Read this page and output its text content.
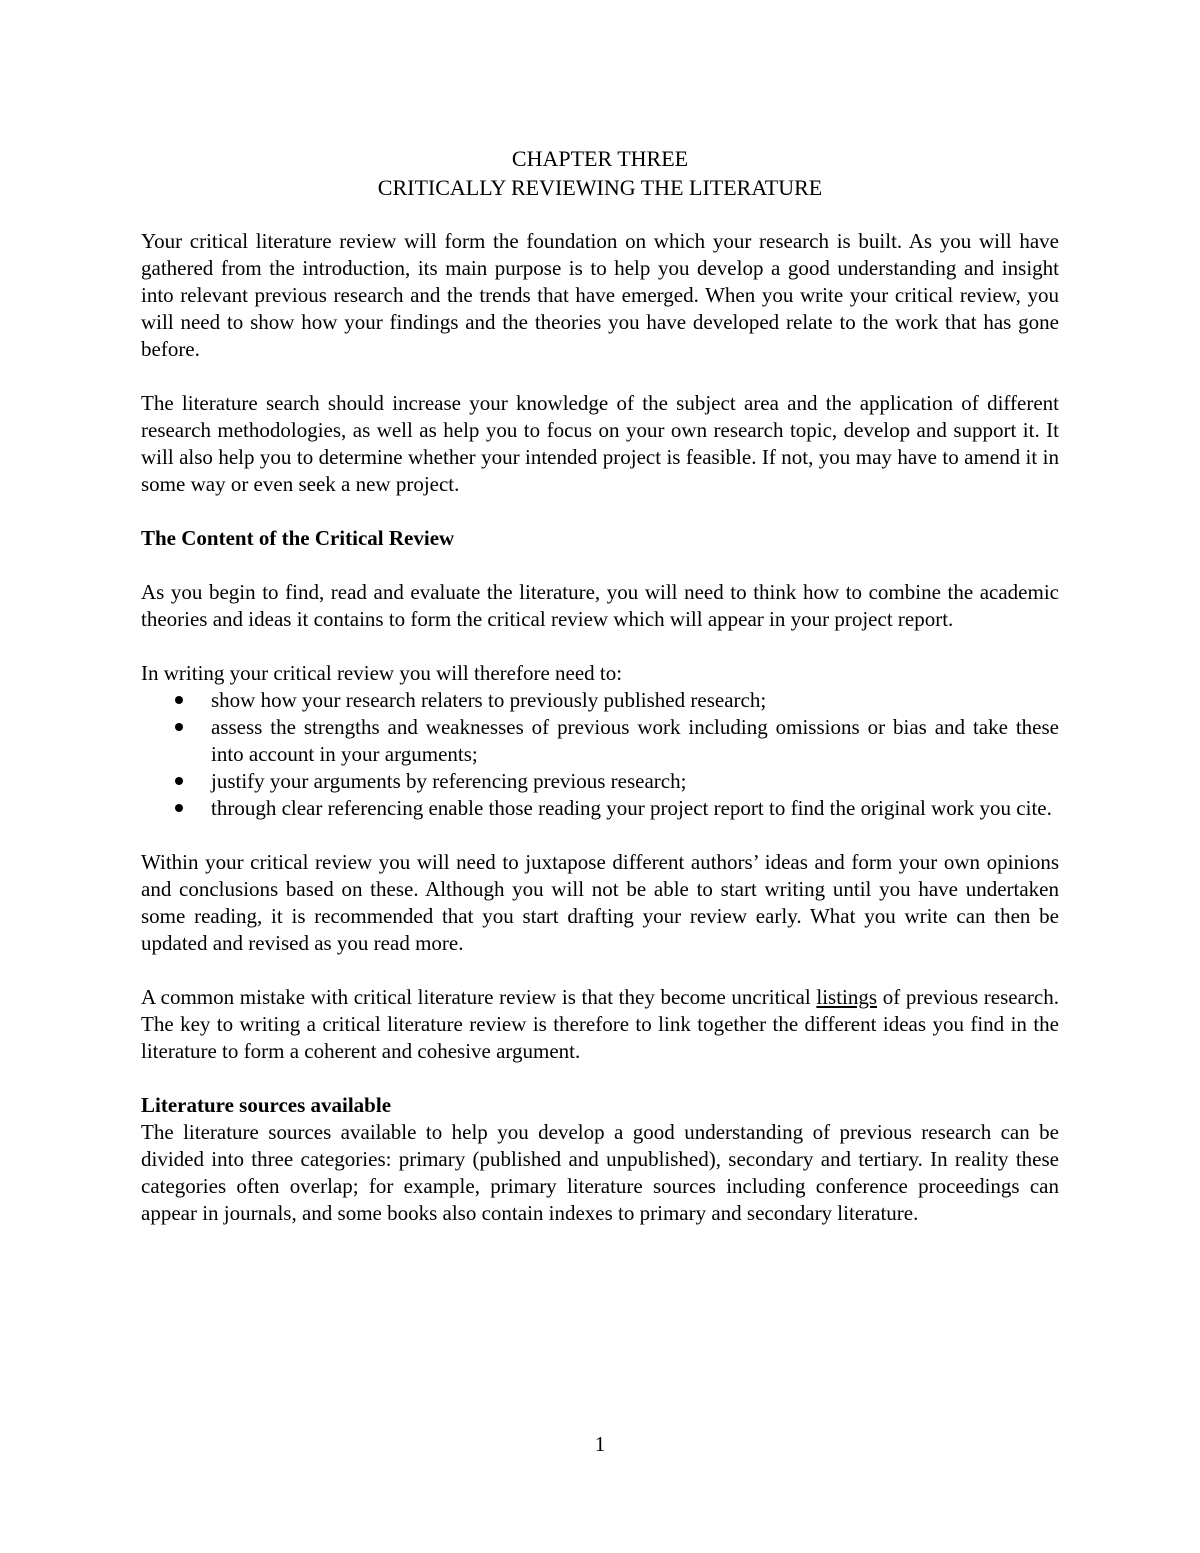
CHAPTER THREE
CRITICALLY REVIEWING THE LITERATURE

Your critical literature review will form the foundation on which your research is built. As you will have gathered from the introduction, its main purpose is to help you develop a good understanding and insight into relevant previous research and the trends that have emerged. When you write your critical review, you will need to show how your findings and the theories you have developed relate to the work that has gone before.

The literature search should increase your knowledge of the subject area and the application of different research methodologies, as well as help you to focus on your own research topic, develop and support it. It will also help you to determine whether your intended project is feasible. If not, you may have to amend it in some way or even seek a new project.

The Content of the Critical Review

As you begin to find, read and evaluate the literature, you will need to think how to combine the academic theories and ideas it contains to form the critical review which will appear in your project report.

In writing your critical review you will therefore need to:
show how your research relaters to previously published research;
assess the strengths and weaknesses of previous work including omissions or bias and take these into account in your arguments;
justify your arguments by referencing previous research;
through clear referencing enable those reading your project report to find the original work you cite.

Within your critical review you will need to juxtapose different authors’ ideas and form your own opinions and conclusions based on these. Although you will not be able to start writing until you have undertaken some reading, it is recommended that you start drafting your review early. What you write can then be updated and revised as you read more.

A common mistake with critical literature review is that they become uncritical listings of previous research. The key to writing a critical literature review is therefore to link together the different ideas you find in the literature to form a coherent and cohesive argument.

Literature sources available

The literature sources available to help you develop a good understanding of previous research can be divided into three categories: primary (published and unpublished), secondary and tertiary. In reality these categories often overlap; for example, primary literature sources including conference proceedings can appear in journals, and some books also contain indexes to primary and secondary literature.

1
